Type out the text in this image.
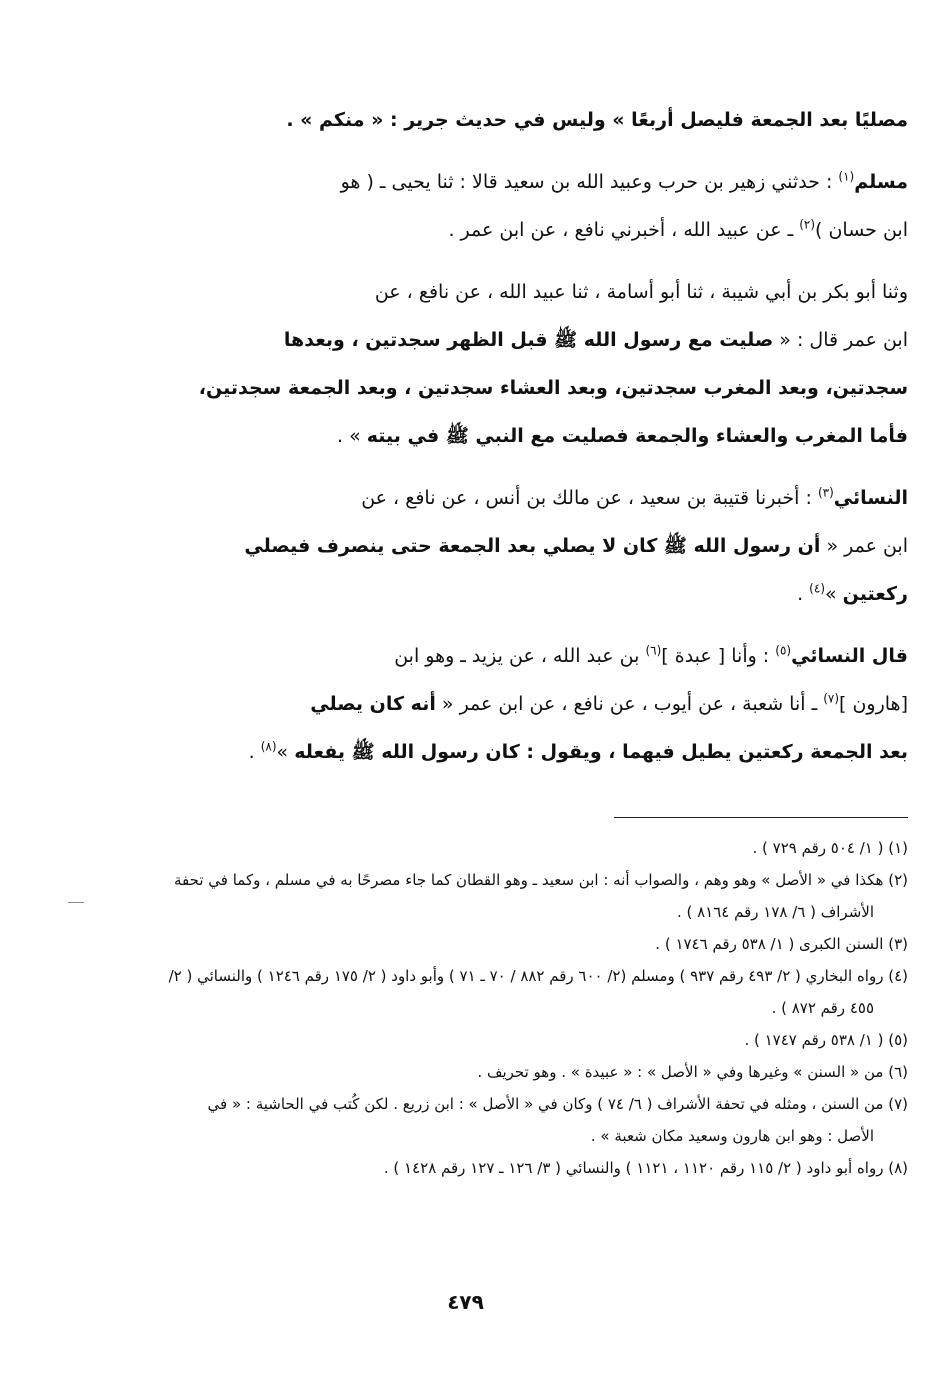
مصليًا بعد الجمعة فليصل أربعًا » وليس في حديث جرير : « منكم » .

مسلم$^{(١)}$ : حدثني زهير بن حرب وعبيد الله بن سعيد قالا : ثنا يحيى ـ ( هو

ابن حسان )$^{(٢)}$ ـ عن عبيد الله ، أخبرني نافع ، عن ابن عمر .

وثنا أبو بكر بن أبي شيبة ، ثنا أبو أسامة ، ثنا عبيد الله ، عن نافع ، عن

ابن عمر قال : « صليت مع رسول الله ﷺ قبل الظهر سجدتين ، وبعدها

سجدتين، وبعد المغرب سجدتين، وبعد العشاء سجدتين ، وبعد الجمعة سجدتين،

فأما المغرب والعشاء والجمعة فصليت مع النبي ﷺ في بيته » .

النسائي$^{(٣)}$ : أخبرنا قتيبة بن سعيد ، عن مالك بن أنس ، عن نافع ، عن

ابن عمر « أن رسول الله ﷺ كان لا يصلي بعد الجمعة حتى ينصرف فيصلي

ركعتين »$^{(٤)}$ .

قال النسائي$^{(٥)}$ : وأنا [ عبدة ]$^{(٦)}$ بن عبد الله ، عن يزيد ـ وهو ابن

[هارون ]$^{(٧)}$ ـ أنا شعبة ، عن أيوب ، عن نافع ، عن ابن عمر « أنه كان يصلي

بعد الجمعة ركعتين يطيل فيهما ، ويقول : كان رسول الله ﷺ يفعله »$^{(٨)}$ .

(١) ( ١/ ٥٠٤ رقم ٧٢٩ ) .

(٢) هكذا في « الأصل » وهو وهم ، والصواب أنه : ابن سعيد ـ وهو القطان كما جاء مصرحًا به في مسلم ، وكما في تحفة الأشراف ( ٦/ ١٧٨ رقم ٨١٦٤ ) .

(٣) السنن الكبرى ( ١/ ٥٣٨ رقم ١٧٤٦ ) .

(٤) رواه البخاري ( ٢/ ٤٩٣ رقم ٩٣٧ ) ومسلم (٢/ ٦٠٠ رقم ٨٨٢ / ٧٠ ـ ٧١ ) وأبو داود ( ٢/ ١٧٥ رقم ١٢٤٦ ) والنسائي ( ٢/ ٤٥٥ رقم ٨٧٢ ) .

(٥) ( ١/ ٥٣٨ رقم ١٧٤٧ ) .

(٦) من « السنن » وغيرها وفي « الأصل » : « عبيدة » . وهو تحريف .

(٧) من السنن ، ومثله في تحفة الأشراف ( ٦/ ٧٤ ) وكان في « الأصل » : ابن زريع . لكن كُتب في الحاشية : « في الأصل : وهو ابن هارون وسعيد مكان شعبة » .

(٨) رواه أبو داود ( ٢/ ١١٥ رقم ١١٢٠ ، ١١٢١ ) والنسائي ( ٣/ ١٢٦ ـ ١٢٧ رقم ١٤٢٨ ) .

٤٧٩
